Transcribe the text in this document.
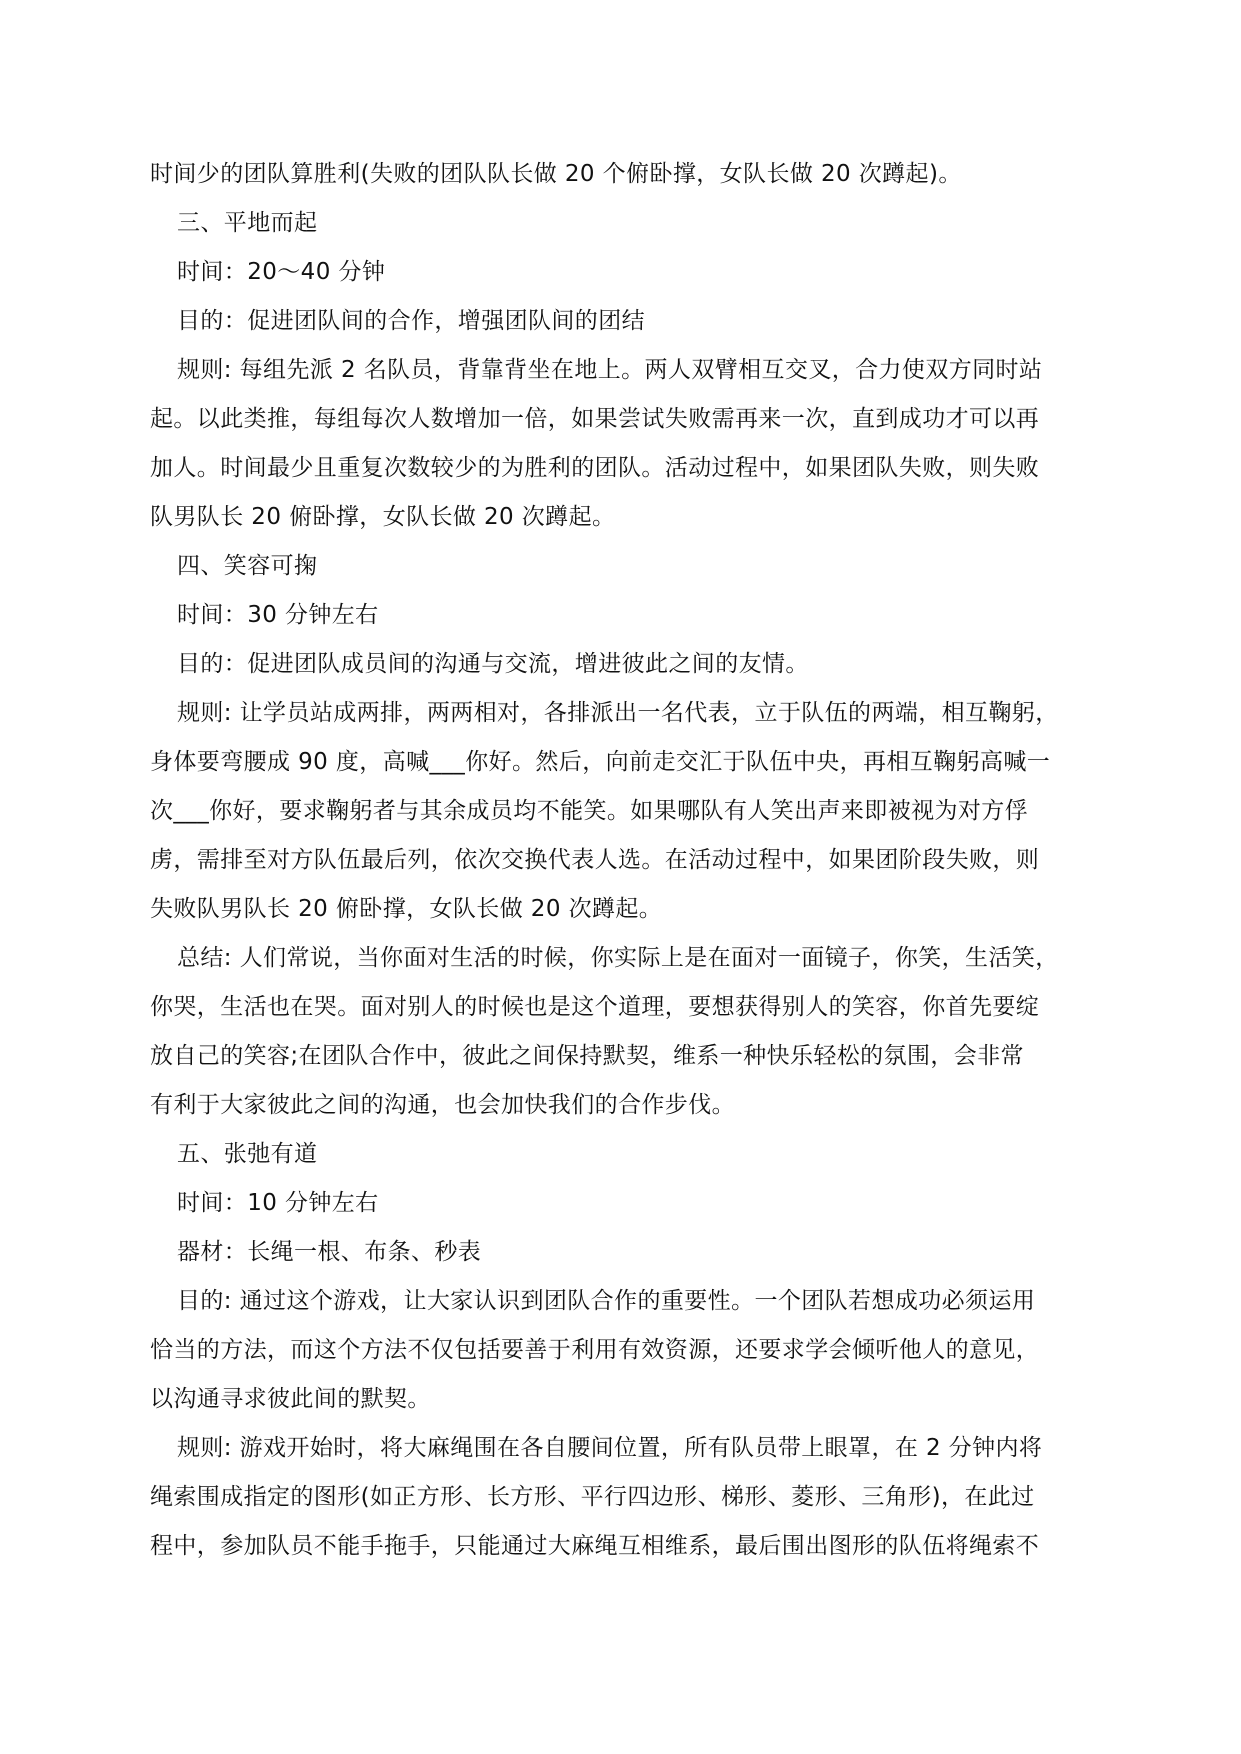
时间少的团队算胜利(失败的团队队长做 20 个俯卧撑，女队长做 20 次蹲起)。
三、平地而起
时间：20～40 分钟
目的：促进团队间的合作，增强团队间的团结
规则: 每组先派 2 名队员，背靠背坐在地上。两人双臂相互交叉，合力使双方同时站
起。以此类推，每组每次人数增加一倍，如果尝试失败需再来一次，直到成功才可以再
加人。时间最少且重复次数较少的为胜利的团队。活动过程中，如果团队失败，则失败
队男队长 20 俯卧撑，女队长做 20 次蹲起。
四、笑容可掬
时间：30 分钟左右
目的：促进团队成员间的沟通与交流，增进彼此之间的友情。
规则: 让学员站成两排，两两相对，各排派出一名代表，立于队伍的两端，相互鞠躬，
身体要弯腰成 90 度，高喊___你好。然后，向前走交汇于队伍中央，再相互鞠躬高喊一
次___你好，要求鞠躬者与其余成员均不能笑。如果哪队有人笑出声来即被视为对方俘
虏，需排至对方队伍最后列，依次交换代表人选。在活动过程中，如果团阶段失败，则
失败队男队长 20 俯卧撑，女队长做 20 次蹲起。
总结: 人们常说，当你面对生活的时候，你实际上是在面对一面镜子，你笑，生活笑，
你哭，生活也在哭。面对别人的时候也是这个道理，要想获得别人的笑容，你首先要绽
放自己的笑容;在团队合作中，彼此之间保持默契，维系一种快乐轻松的氛围，会非常
有利于大家彼此之间的沟通，也会加快我们的合作步伐。
五、张弛有道
时间：10 分钟左右
器材：长绳一根、布条、秒表
目的: 通过这个游戏，让大家认识到团队合作的重要性。一个团队若想成功必须运用
恰当的方法，而这个方法不仅包括要善于利用有效资源，还要求学会倾听他人的意见，
以沟通寻求彼此间的默契。
规则: 游戏开始时，将大麻绳围在各自腰间位置，所有队员带上眼罩，在 2 分钟内将
绳索围成指定的图形(如正方形、长方形、平行四边形、梯形、菱形、三角形)，在此过
程中，参加队员不能手拖手，只能通过大麻绳互相维系，最后围出图形的队伍将绳索不
